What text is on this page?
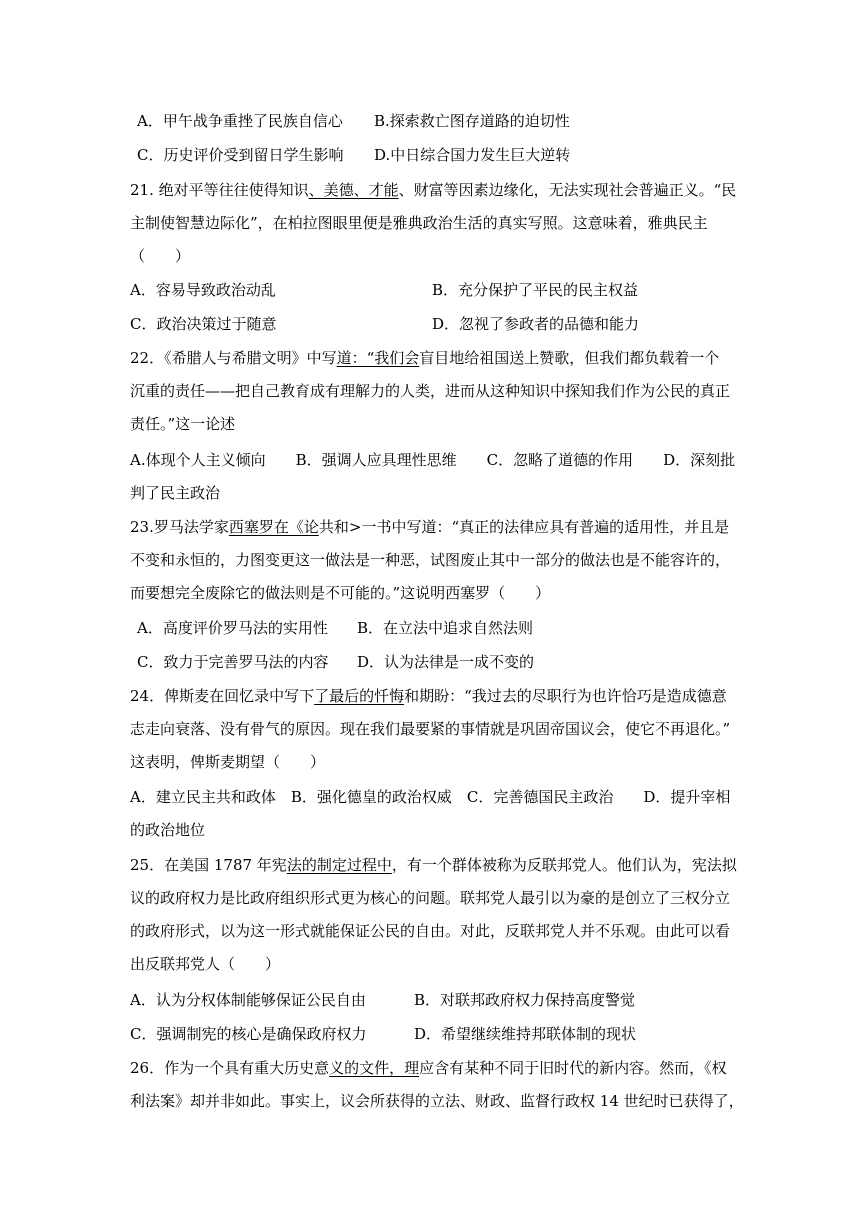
A．甲午战争重挫了民族自信心 B.探索救亡图存道路的迫切性
C．历史评价受到留日学生影响 D.中日综合国力发生巨大逆转
21. 绝对平等往往使得知识、美德、才能、财富等因素边缘化，无法实现社会普遍正义。“民
主制使智慧边际化”，在柏拉图眼里便是雅典政治生活的真实写照。这意味着，雅典民主
（　　）
A．容易导致政治动乱	B．充分保护了平民的民主权益
C．政治决策过于随意	D．忽视了参政者的品德和能力
22．《希腊人与希腊文明》中写道：“我们会盲目地给祖国送上赞歌，但我们都负载着一个
沉重的责任——把自己教育成有理解力的人类，进而从这种知识中探知我们作为公民的真正
责任。”这一论述
A.体现个人主义倾向　　B．强调人应具理性思维　　C．忽略了道德的作用　　D．深刻批
判了民主政治
23.罗马法学家西塞罗在《论共和>一书中写道：“真正的法律应具有普遍的适用性，并且是
不变和永恒的，力图变更这一做法是一种恶，试图废止其中一部分的做法也是不能容许的，
而要想完全废除它的做法则是不可能的。”这说明西塞罗（　　）
A．高度评价罗马法的实用性 B．在立法中追求自然法则
C．致力于完善罗马法的内容 D．认为法律是一成不变的
24．俾斯麦在回忆录中写下了最后的忏悔和期盼：“我过去的尽职行为也许恰巧是造成德意
志走向衰落、没有骨气的原因。现在我们最要紧的事情就是巩固帝国议会，使它不再退化。”
这表明，俾斯麦期望（　　）
A．建立民主共和政体　B．强化德皇的政治权威　C．完善德国民主政治　　D．提升宰相
的政治地位
25．在美国 1787 年宪法的制定过程中，有一个群体被称为反联邦党人。他们认为，宪法拟
议的政府权力是比政府组织形式更为核心的问题。联邦党人最引以为豪的是创立了三权分立
的政府形式，以为这一形式就能保证公民的自由。对此，反联邦党人并不乐观。由此可以看
出反联邦党人（　　）
A．认为分权体制能够保证公民自由	B．对联邦政府权力保持高度警觉
C．强调制宪的核心是确保政府权力	D．希望继续维持邦联体制的现状
26．作为一个具有重大历史意义的文件，理应含有某种不同于旧时代的新内容。然而，《权
利法案》却并非如此。事实上，议会所获得的立法、财政、监督行政权 14 世纪时已获得了，
